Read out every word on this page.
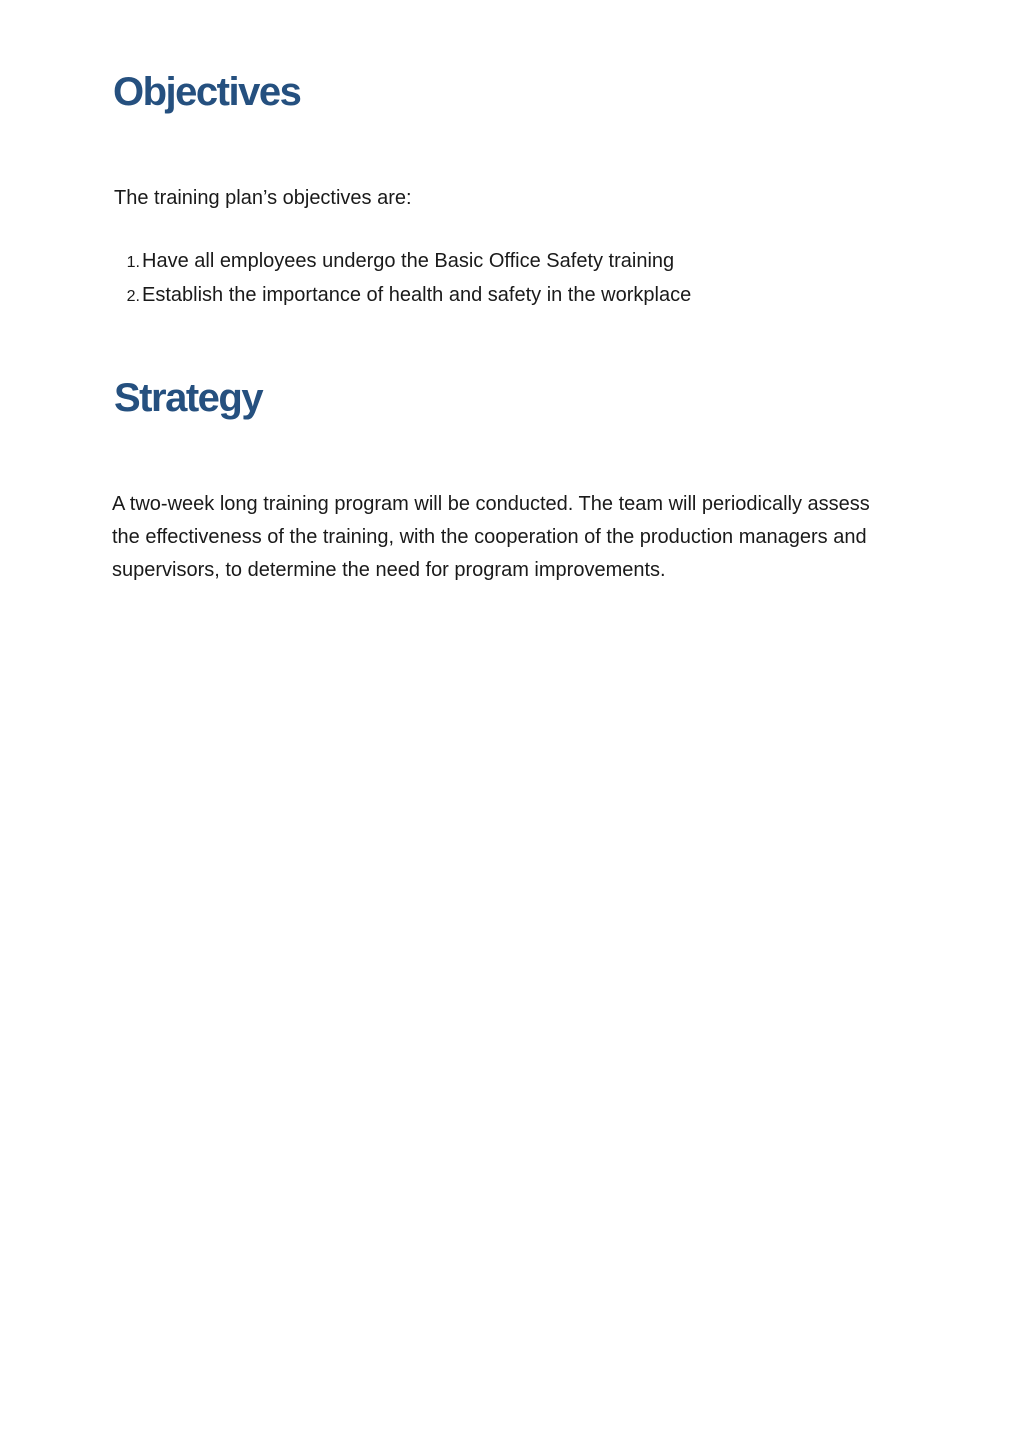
Objectives

The training plan’s objectives are:

1. Have all employees undergo the Basic Office Safety training
2. Establish the importance of health and safety in the workplace
Strategy

A two-week long training program will be conducted. The team will periodically assess the effectiveness of the training, with the cooperation of the production managers and supervisors, to determine the need for program improvements.
